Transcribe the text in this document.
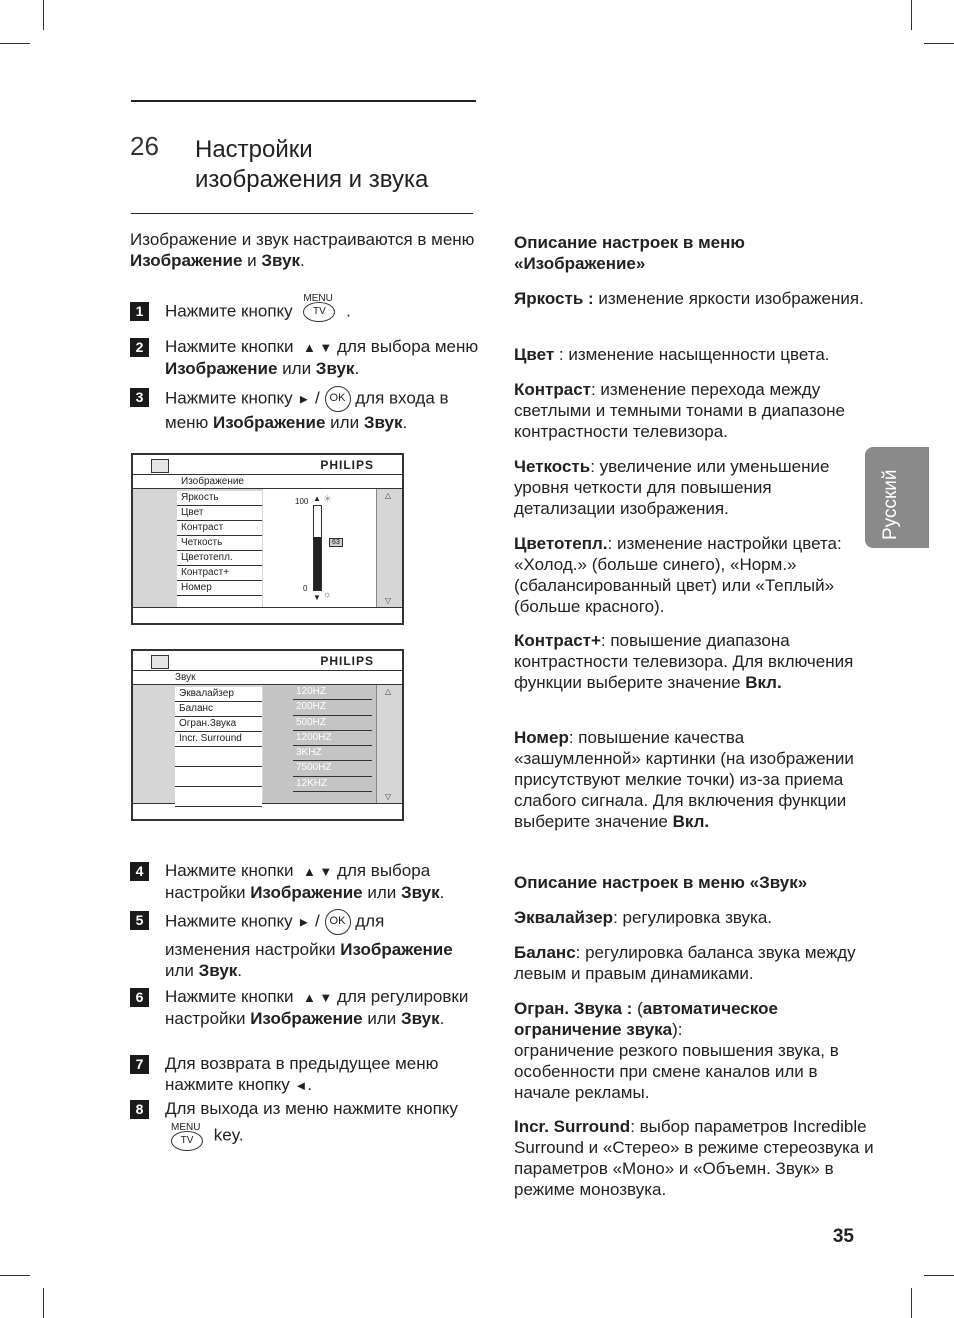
26 Настройки
изображения и звука
Изображение и звук настраиваются в меню Изображение и Звук.
1	Нажмите кнопку
MENU
TV	.
2	Нажмите кнопки ▲ ▼ для выбора меню Изображение или Звук.
3	Нажмите кнопку ► / OK для входа в меню Изображение или Звук.
PHILIPS
Изображение
Яркость
Цвет
Контраст
Четкость
Цветотепл.
Контраст+
Номер
100
0
▲
▼
☀
☼
63
△
▽
PHILIPS
Звук
Эквалайзер
Баланс
Огран.Звука
Incr. Surround
120HZ
200HZ
500HZ
1200HZ
3KHZ
7500HZ
12KHZ
△
▽
4	Нажмите кнопки ▲ ▼ для выбора настройки Изображение или Звук.
5	Нажмите кнопку ► / OK для
изменения настройки Изображение или Звук.
6	Нажмите кнопки ▲ ▼ для регулировки настройки Изображение или Звук.
7	Для возврата в предыдущее меню нажмите кнопку ◄.
8	Для выхода из меню нажмите кнопку
MENU
TV	key.
Описание настроек в меню «Изображение»
Яркость : изменение яркости изображения.
Цвет : изменение насыщенности цвета.
Контраст: изменение перехода между светлыми и темными тонами в диапазоне контрастности телевизора.
Четкость: увеличение или уменьшение уровня четкости для повышения детализации изображения.
Цветотепл.: изменение настройки цвета: «Холод.» (больше синего), «Норм.» (сбалансированный цвет) или «Теплый» (больше красного).
Контраст+: повышение диапазона контрастности телевизора. Для включения функции выберите значение Вкл.
Номер: повышение качества «зашумленной» картинки (на изображении присутствуют мелкие точки) из-за приема слабого сигнала. Для включения функции выберите значение Вкл.
Описание настроек в меню «Звук»
Эквалайзер: регулировка звука.
Баланс: регулировка баланса звука между левым и правым динамиками.
Огран. Звука : (автоматическое ограничение звука):
ограничение резкого повышения звука, в особенности при смене каналов или в начале рекламы.
Incr. Surround: выбор параметров Incredible Surround и «Стерео» в режиме стереозвука и параметров «Моно» и «Объемн. Звук» в режиме монозвука.
Русский
35
